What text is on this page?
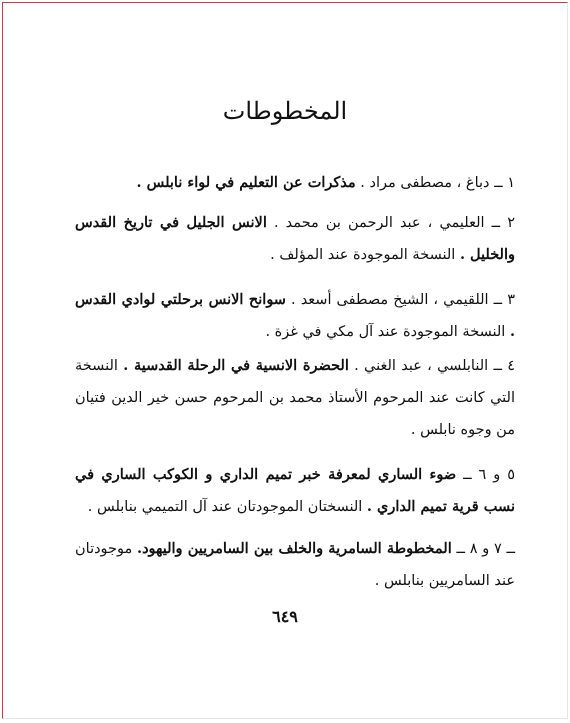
المخطوطات
١ ــ دباغ ، مصطفى مراد . مذكرات عن التعليم في لواء نابلس .
٢ ــ العليمي ، عبد الرحمن بن محمد . الانس الجليل في تاريخ القدس والخليل . النسخة الموجودة عند المؤلف .
٣ ــ اللقيمي ، الشيخ مصطفى أسعد . سوانح الانس برحلتي لوادي القدس . النسخة الموجودة عند آل مكي في غزة .
٤ ــ النابلسي ، عبد الغني . الحضرة الانسية في الرحلة القدسية . النسخة التي كانت عند المرحوم الأستاذ محمد بن المرحوم حسن خير الدين فتيان من وجوه نابلس .
٥ و ٦ ــ ضوء الساري لمعرفة خبر تميم الداري و الكوكب الساري في نسب قرية تميم الداري . النسختان الموجودتان عند آل التميمي بنابلس .
ــ ٧ و ٨ ــ المخطوطة السامرية والخلف بين السامريين واليهود. موجودتان عند السامريين بنابلس .
٦٤٩
